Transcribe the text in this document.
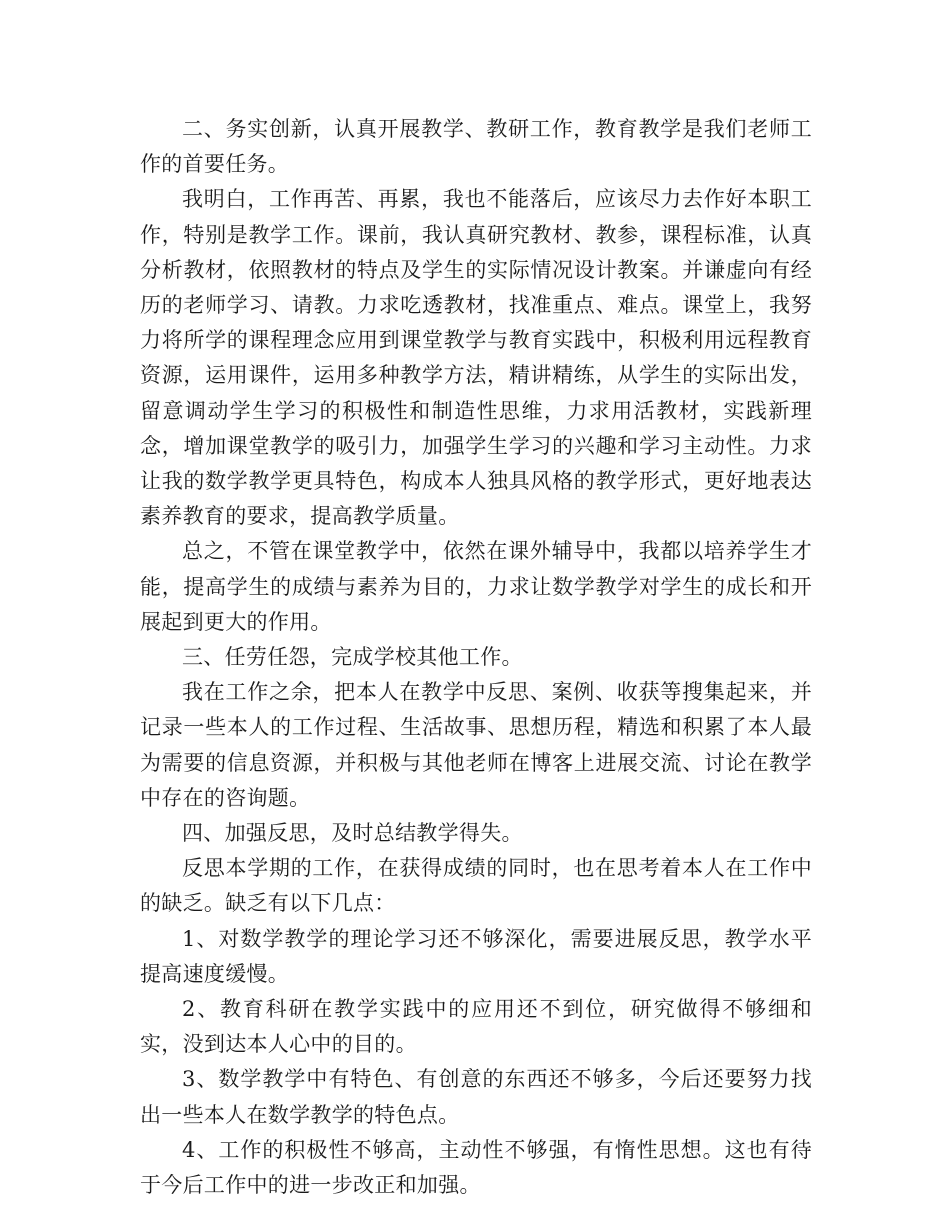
二、务实创新，认真开展教学、教研工作，教育教学是我们老师工作的首要任务。

我明白，工作再苦、再累，我也不能落后，应该尽力去作好本职工作，特别是教学工作。课前，我认真研究教材、教参，课程标准，认真分析教材，依照教材的特点及学生的实际情况设计教案。并谦虚向有经历的老师学习、请教。力求吃透教材，找准重点、难点。课堂上，我努力将所学的课程理念应用到课堂教学与教育实践中，积极利用远程教育资源，运用课件，运用多种教学方法，精讲精练，从学生的实际出发，留意调动学生学习的积极性和制造性思维，力求用活教材，实践新理念，增加课堂教学的吸引力，加强学生学习的兴趣和学习主动性。力求让我的数学教学更具特色，构成本人独具风格的教学形式，更好地表达素养教育的要求，提高教学质量。

总之，不管在课堂教学中，依然在课外辅导中，我都以培养学生才能，提高学生的成绩与素养为目的，力求让数学教学对学生的成长和开展起到更大的作用。

三、任劳任怨，完成学校其他工作。

我在工作之余，把本人在教学中反思、案例、收获等搜集起来，并记录一些本人的工作过程、生活故事、思想历程，精选和积累了本人最为需要的信息资源，并积极与其他老师在博客上进展交流、讨论在教学中存在的咨询题。

四、加强反思，及时总结教学得失。

反思本学期的工作，在获得成绩的同时，也在思考着本人在工作中的缺乏。缺乏有以下几点：

1、对数学教学的理论学习还不够深化，需要进展反思，教学水平提高速度缓慢。

2、教育科研在教学实践中的应用还不到位，研究做得不够细和实，没到达本人心中的目的。

3、数学教学中有特色、有创意的东西还不够多，今后还要努力找出一些本人在数学教学的特色点。

4、工作的积极性不够高，主动性不够强，有惰性思想。这也有待于今后工作中的进一步改正和加强。
